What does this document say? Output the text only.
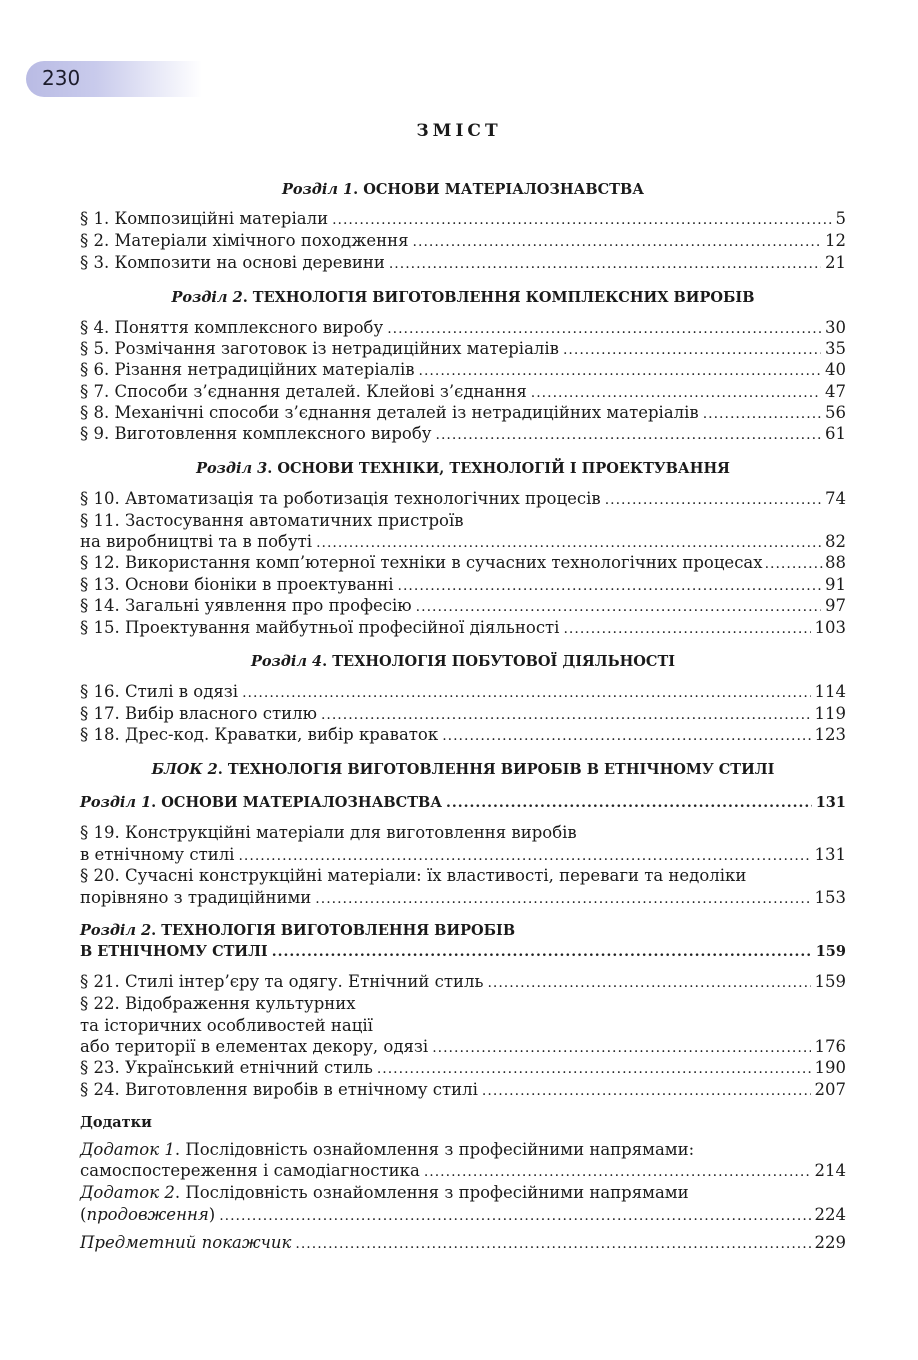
230
ЗМІСТ
Розділ 1. ОСНОВИ МАТЕРІАЛОЗНАВСТВА
§ 1. Композиційні матеріали .....	5
§ 2. Матеріали хімічного походження .....	12
§ 3. Композити на основі деревини .....	21
Розділ 2. ТЕХНОЛОГІЯ ВИГОТОВЛЕННЯ КОМПЛЕКСНИХ ВИРОБІВ
§ 4. Поняття комплексного виробу .....	30
§ 5. Розмічання заготовок із нетрадиційних матеріалів .....	35
§ 6. Різання нетрадиційних матеріалів .....	40
§ 7. Способи з’єднання деталей. Клейові з’єднання .....	47
§ 8. Механічні способи з’єднання деталей із нетрадиційних матеріалів .....	56
§ 9. Виготовлення комплексного виробу .....	61
Розділ 3. ОСНОВИ ТЕХНІКИ, ТЕХНОЛОГІЙ І ПРОЕКТУВАННЯ
§ 10. Автоматизація та роботизація технологічних процесів .....	74
§ 11. Застосування автоматичних пристроїв
на виробництві та в побуті .....	82
§ 12. Використання комп’ютерної техніки в сучасних технологічних процесах .....	88
§ 13. Основи біоніки в проектуванні .....	91
§ 14. Загальні уявлення про професію .....	97
§ 15. Проектування майбутньої професійної діяльності .....	103
Розділ 4. ТЕХНОЛОГІЯ ПОБУТОВОЇ ДІЯЛЬНОСТІ
§ 16. Стилі в одязі .....	114
§ 17. Вибір власного стилю .....	119
§ 18. Дрес-код. Краватки, вибір краваток .....	123
БЛОК 2. ТЕХНОЛОГІЯ ВИГОТОВЛЕННЯ ВИРОБІВ В ЕТНІЧНОМУ СТИЛІ
Розділ 1. ОСНОВИ МАТЕРІАЛОЗНАВСТВА .....	131
§ 19. Конструкційні матеріали для виготовлення виробів
в етнічному стилі .....	131
§ 20. Сучасні конструкційні матеріали: їх властивості, переваги та недоліки
порівняно з традиційними .....	153
Розділ 2. ТЕХНОЛОГІЯ ВИГОТОВЛЕННЯ ВИРОБІВ
В ЕТНІЧНОМУ СТИЛІ .....	159
§ 21. Стилі інтер’єру та одягу. Етнічний стиль .....	159
§ 22. Відображення культурних
та історичних особливостей нації
або території в елементах декору, одязі .....	176
§ 23. Український етнічний стиль .....	190
§ 24. Виготовлення виробів в етнічному стилі .....	207
Додатки
Додаток 1. Послідовність ознайомлення з професійними напрямами:
самоспостереження і самодіагностика .....	214
Додаток 2. Послідовність ознайомлення з професійними напрямами
(продовження) .....	224
Предметний покажчик .....	229
